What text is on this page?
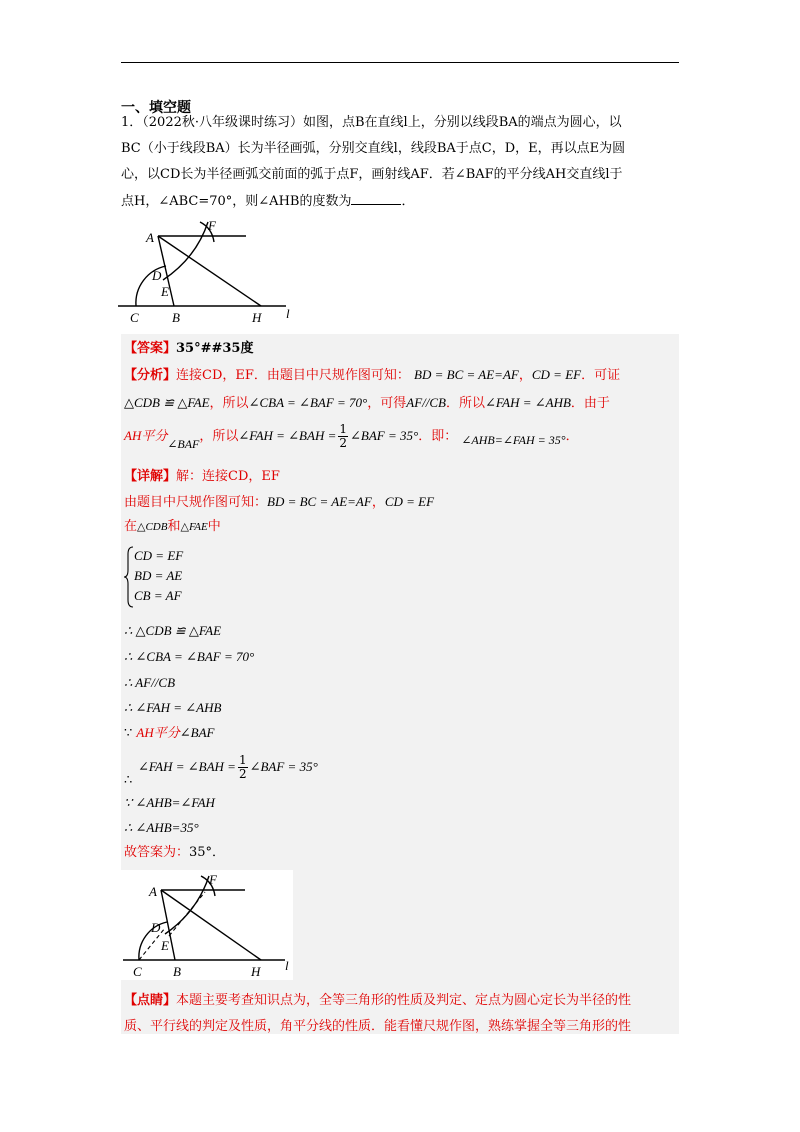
一、填空题
1．（2022秋·八年级课时练习）如图，点B在直线l上，分别以线段BA的端点为圆心，以
BC（小于线段BA）长为半径画弧，分别交直线l，线段BA于点C，D，E，再以点E为圆
心，以CD长为半径画弧交前面的弧于点F，画射线AF．若∠BAF的平分线AH交直线l于
点H，∠ABC=70°，则∠AHB的度数为	．
A
F
D
E
C	B	H l
【答案】35°##35度
【分析】连接CD，EF．由题目中尺规作图可知： BD = BC = AE=AF，CD = EF．可证
△CDB ≌ △FAE，所以∠CBA = ∠BAF = 70°，可得AF//CB．所以∠FAH = ∠AHB．由于
AH平分∠BAF，所以∠FAH = ∠BAH = $\frac{1}{2}$ ∠BAF = 35°．即： ∠AHB=∠FAH = 35°．
【详解】解：连接CD，EF
由题目中尺规作图可知：BD = BC = AE=AF，CD = EF
在△CDB和△FAE中
CD = EF
BD = AE
CB = AF
∴ △CDB ≌ △FAE
∴ ∠CBA = ∠BAF = 70°
∴ AF//CB
∴ ∠FAH = ∠AHB
∵ AH平分∠BAF
∠FAH = ∠BAH = $\frac{1}{2}$ ∠BAF = 35°
∴
∵ ∠AHB=∠FAH
∴ ∠AHB=35°
故答案为：35°．
A
F
D
E
C B	H l
【点睛】本题主要考查知识点为，全等三角形的性质及判定、定点为圆心定长为半径的性
质、平行线的判定及性质，角平分线的性质．能看懂尺规作图，熟练掌握全等三角形的性
